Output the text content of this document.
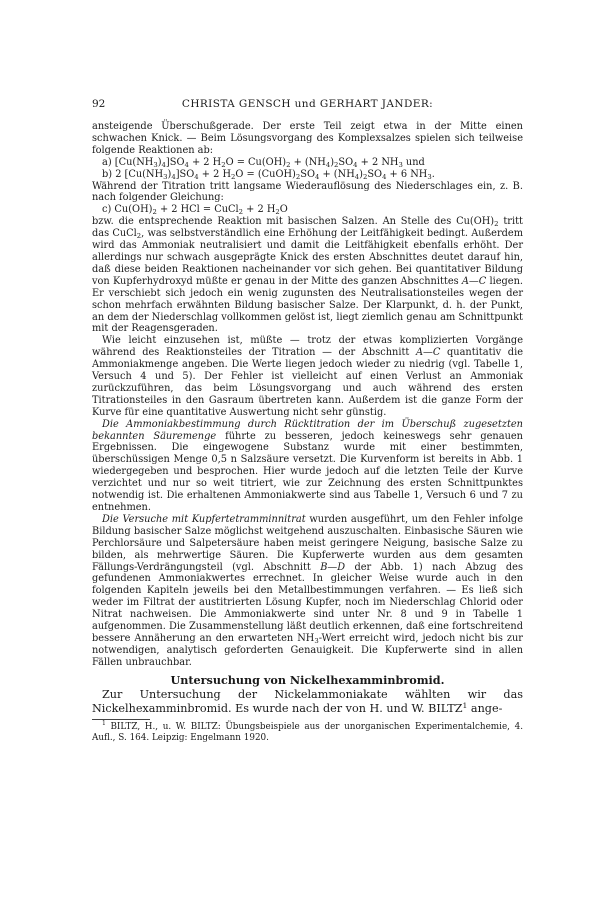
92	CHRISTA GENSCH und GERHART JANDER:

ansteigende Überschußgerade. Der erste Teil zeigt etwa in der Mitte einen schwachen Knick. — Beim Lösungsvorgang des Komplexsalzes spielen sich teilweise folgende Reaktionen ab:

a) $[Cu(NH_3)_4]SO_4 + 2$ $H_2O = Cu(OH)_2 + (NH_4)_2SO_4 + 2$ $NH_3$ und

b) 2 $[Cu(NH_3)_4]SO_4 + 2$ $H_2O$ = $(CuOH)_2SO_4 + (NH_4)_2SO_4 + 6$ $NH_3$.

Während der Titration tritt langsame Wiederauflösung des Niederschlages ein, z. B. nach folgender Gleichung:

c) $Cu(OH)_2 + 2$ HCl = CuCl$_2$ + 2 $H_2O$

bzw. die entsprechende Reaktion mit basischen Salzen. An Stelle des $Cu(OH)_2$ tritt das CuCl$_2$, was selbstverständlich eine Erhöhung der Leitfähigkeit bedingt. Außerdem wird das Ammoniak neutralisiert und damit die Leitfähigkeit ebenfalls erhöht. Der allerdings nur schwach ausgeprägte Knick des ersten Abschnittes deutet darauf hin, daß diese beiden Reaktionen nacheinander vor sich gehen. Bei quantitativer Bildung von Kupferhydroxyd müßte er genau in der Mitte des ganzen Abschnittes A—C liegen. Er verschiebt sich jedoch ein wenig zugunsten des Neutralisationsteiles wegen der schon mehrfach erwähnten Bildung basischer Salze. Der Klarpunkt, d. h. der Punkt, an dem der Niederschlag vollkommen gelöst ist, liegt ziemlich genau am Schnittpunkt mit der Reagensgeraden.

Wie leicht einzusehen ist, müßte — trotz der etwas komplizierten Vorgänge während des Reaktionsteiles der Titration — der Abschnitt A—C quantitativ die Ammoniakmenge angeben. Die Werte liegen jedoch wieder zu niedrig (vgl. Tabelle 1, Versuch 4 und 5). Der Fehler ist vielleicht auf einen Verlust an Ammoniak zurückzuführen, das beim Lösungsvorgang und auch während des ersten Titrationsteiles in den Gasraum übertreten kann. Außerdem ist die ganze Form der Kurve für eine quantitative Auswertung nicht sehr günstig.

Die Ammoniakbestimmung durch Rücktitration der im Überschuß zugesetzten bekannten Säuremenge führte zu besseren, jedoch keineswegs sehr genauen Ergebnissen. Die eingewogene Substanz wurde mit einer bestimmten, überschüssigen Menge 0,5 n Salzsäure versetzt. Die Kurvenform ist bereits in Abb. 1 wiedergegeben und besprochen. Hier wurde jedoch auf die letzten Teile der Kurve verzichtet und nur so weit titriert, wie zur Zeichnung des ersten Schnittpunktes notwendig ist. Die erhaltenen Ammoniakwerte sind aus Tabelle 1, Versuch 6 und 7 zu entnehmen.

Die Versuche mit Kupfertetramminnitrat wurden ausgeführt, um den Fehler infolge Bildung basischer Salze möglichst weitgehend auszuschalten. Einbasische Säuren wie Perchlorsäure und Salpetersäure haben meist geringere Neigung, basische Salze zu bilden, als mehrwertige Säuren. Die Kupferwerte wurden aus dem gesamten Fällungs-Verdrängungsteil (vgl. Abschnitt B—D der Abb. 1) nach Abzug des gefundenen Ammoniakwertes errechnet. In gleicher Weise wurde auch in den folgenden Kapiteln jeweils bei den Metallbestimmungen verfahren. — Es ließ sich weder im Filtrat der austitrierten Lösung Kupfer, noch im Niederschlag Chlorid oder Nitrat nachweisen. Die Ammoniakwerte sind unter Nr. 8 und 9 in Tabelle 1 aufgenommen. Die Zusammenstellung läßt deutlich erkennen, daß eine fortschreitend bessere Annäherung an den erwarteten $NH_3$-Wert erreicht wird, jedoch nicht bis zur notwendigen, analytisch geforderten Genauigkeit. Die Kupferwerte sind in allen Fällen unbrauchbar.

Untersuchung von Nickelhexamminbromid.

Zur Untersuchung der Nickelammoniakate wählten wir das Nickelhexamminbromid. Es wurde nach der von H. und W. BILTZ$^1$ ange-

$^1$ BILTZ, H., u. W. BILTZ: Übungsbeispiele aus der unorganischen Experimentalchemie, 4. Aufl., S. 164. Leipzig: Engelmann 1920.
